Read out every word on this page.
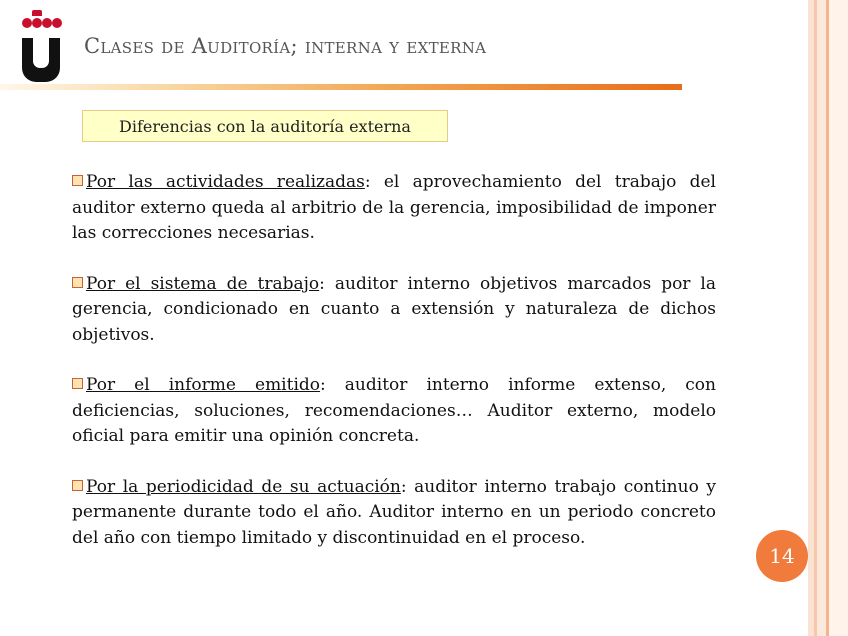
Clases de Auditoría; interna y externa
Diferencias con la auditoría externa

Por las actividades realizadas: el aprovechamiento del trabajo del auditor externo queda al arbitrio de la gerencia, imposibilidad de imponer las correcciones necesarias.

Por el sistema de trabajo: auditor interno objetivos marcados por la gerencia, condicionado en cuanto a extensión y naturaleza de dichos objetivos.

Por el informe emitido: auditor interno informe extenso, con deficiencias, soluciones, recomendaciones… Auditor externo, modelo oficial para emitir una opinión concreta.

Por la periodicidad de su actuación: auditor interno trabajo continuo y permanente durante todo el año. Auditor interno en un periodo concreto del año con tiempo limitado y discontinuidad en el proceso.

14
